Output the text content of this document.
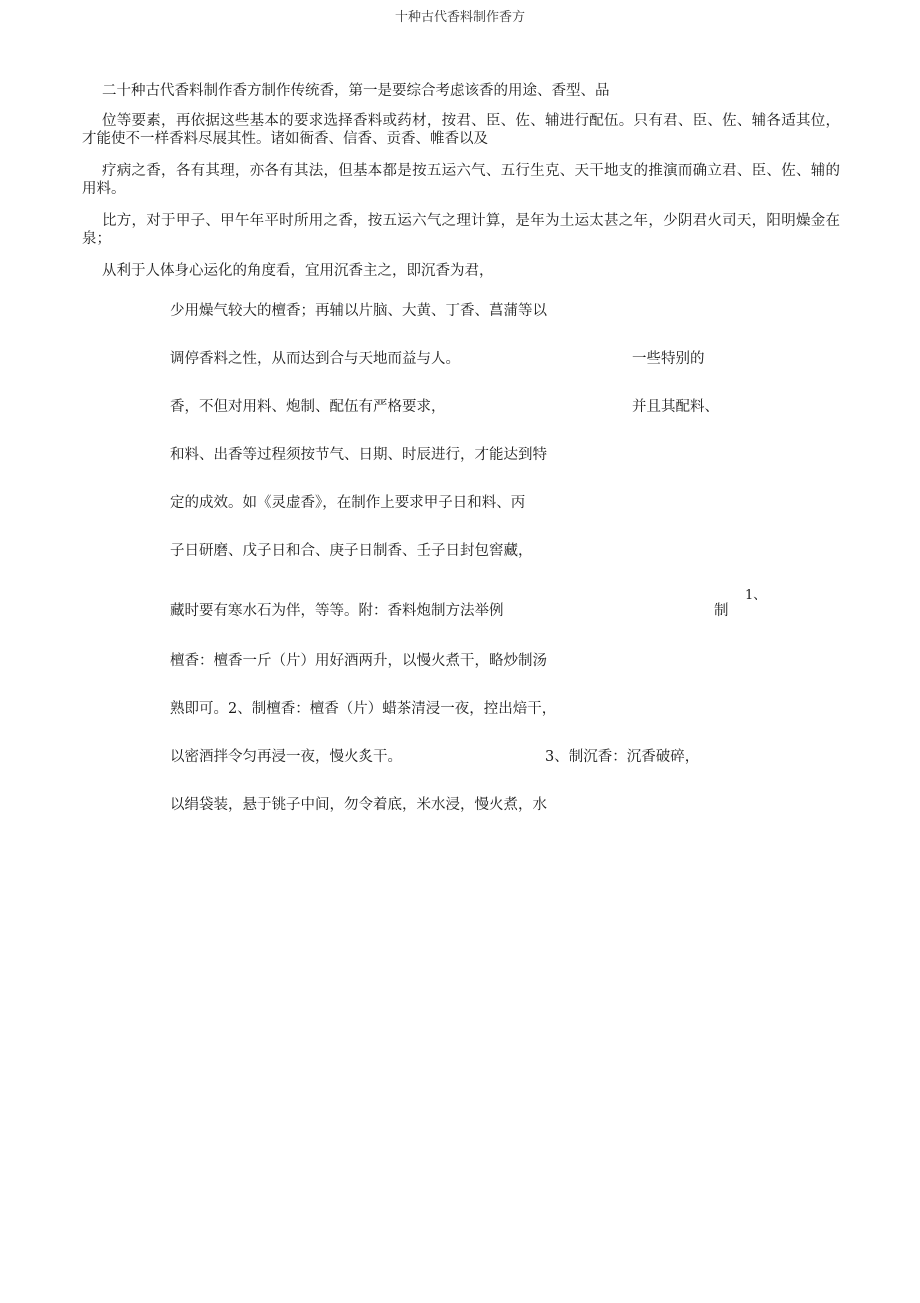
十种古代香料制作香方
二十种古代香料制作香方制作传统香，第一是要综合考虑该香的用途、香型、品
位等要素，再依据这些基本的要求选择香料或药材，按君、臣、佐、辅进行配伍。只有君、臣、佐、辅各适其位，才能使不一样香料尽展其性。诸如衙香、信香、贡香、帷香以及
疗病之香，各有其理，亦各有其法，但基本都是按五运六气、五行生克、天干地支的推演而确立君、臣、佐、辅的用料。
比方，对于甲子、甲午年平时所用之香，按五运六气之理计算，是年为土运太甚之年，少阴君火司天，阳明燥金在泉；
从利于人体身心运化的角度看，宜用沉香主之，即沉香为君，
少用燥气较大的檀香；再辅以片脑、大黄、丁香、菖蒲等以
调停香料之性，从而达到合与天地而益与人。	一些特别的
香，不但对用料、炮制、配伍有严格要求，	并且其配料、
和料、出香等过程须按节气、日期、时辰进行，才能达到特
定的成效。如《灵虚香》，在制作上要求甲子日和料、丙
子日研磨、戊子日和合、庚子日制香、壬子日封包窖藏，
1、
藏时要有寒水石为伴，等等。附：香料炮制方法举例	制
檀香：檀香一斤（片）用好酒两升，以慢火煮干，略炒制汤
熟即可。2、制檀香：檀香（片）蜡茶清浸一夜，控出焙干，
以密酒拌令匀再浸一夜，慢火炙干。	3、制沉香：沉香破碎，
以绢袋装，悬于铫子中间，勿令着底，米水浸，慢火煮，水
